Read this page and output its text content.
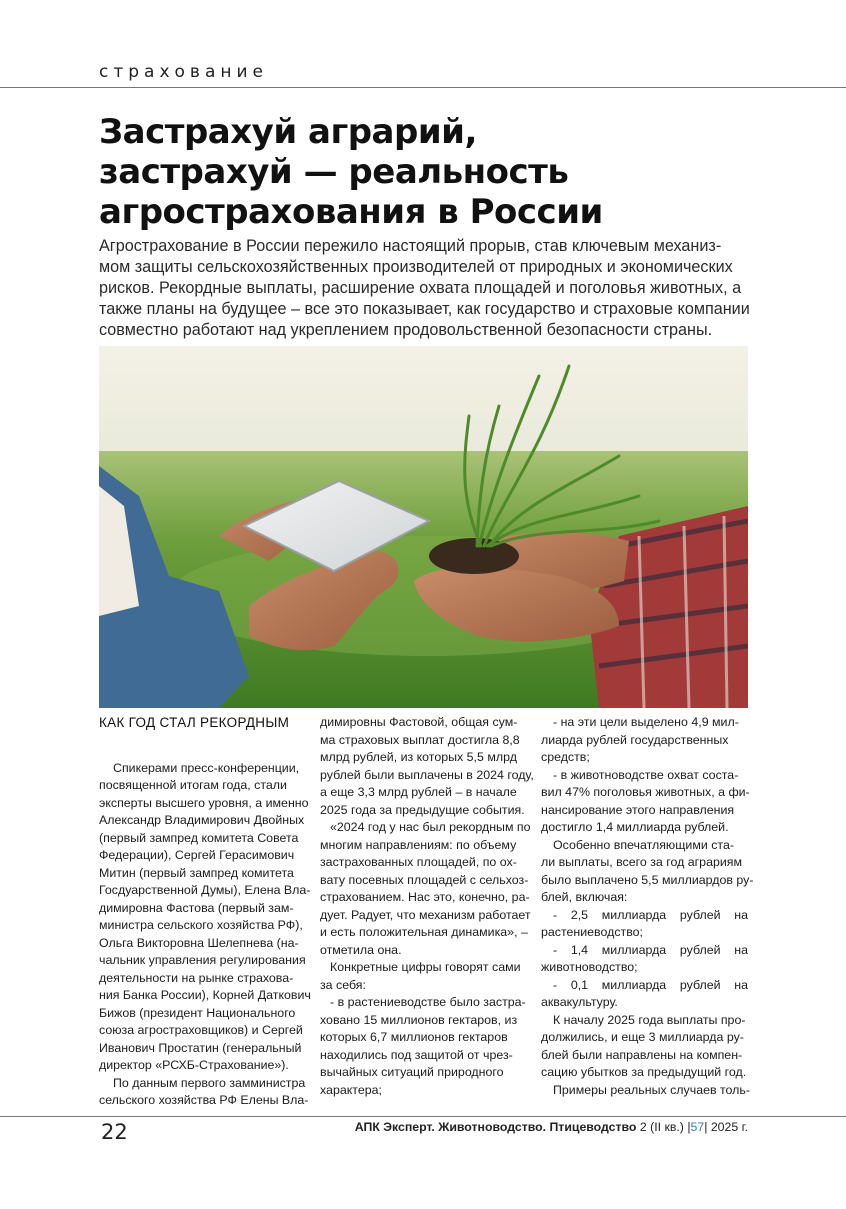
страхование
Застрахуй аграрий,
застрахуй — реальность
агрострахования в России
Агрострахование в России пережило настоящий прорыв, став ключевым механиз-
мом защиты сельскохозяйственных производителей от природных и экономических
рисков. Рекордные выплаты, расширение охвата площадей и поголовья животных, а
также планы на будущее – все это показывает, как государство и страховые компании
совместно работают над укреплением продовольственной безопасности страны.
КАК ГОД СТАЛ РЕКОРДНЫМ
Спикерами пресс-конференции,
посвященной итогам года, стали
эксперты высшего уровня, а именно
Александр Владимирович Двойных
(первый зампред комитета Совета
Федерации), Сергей Герасимович
Митин (первый зампред комитета
Госдуарственной Думы), Елена Вла-
димировна Фастова (первый зам-
министра сельского хозяйства РФ),
Ольга Викторовна Шелепнева (на-
чальник управления регулирования
деятельности на рынке страхова-
ния Банка России), Корней Даткович
Бижов (президент Национального
союза агростраховщиков) и Сергей
Иванович Простатин (генеральный
директор «РСХБ-Страхование»).
По данным первого замминистра
сельского хозяйства РФ Елены Вла-
димировны Фастовой, общая сум-
ма страховых выплат достигла 8,8
млрд рублей, из которых 5,5 млрд
рублей были выплачены в 2024 году,
а еще 3,3 млрд рублей – в начале
2025 года за предыдущие события.
«2024 год у нас был рекордным по
многим направлениям: по объему
застрахованных площадей, по ох-
вату посевных площадей с сельхоз-
страхованием. Нас это, конечно, ра-
дует. Радует, что механизм работает
и есть положительная динамика», –
отметила она.
Конкретные цифры говорят сами
за себя:
- в растениеводстве было застра-
ховано 15 миллионов гектаров, из
которых 6,7 миллионов гектаров
находились под защитой от чрез-
вычайных ситуаций природного
характера;
- на эти цели выделено 4,9 мил-
лиарда рублей государственных
средств;
- в животноводстве охват соста-
вил 47% поголовья животных, а фи-
нансирование этого направления
достигло 1,4 миллиарда рублей.
Особенно впечатляющими ста-
ли выплаты, всего за год аграриям
было выплачено 5,5 миллиардов ру-
блей, включая:
- 2,5 миллиарда рублей на
растениеводство;
- 1,4 миллиарда рублей на
животноводство;
- 0,1 миллиарда рублей на
аквакультуру.
К началу 2025 года выплаты про-
должились, и еще 3 миллиарда ру-
блей были направлены на компен-
сацию убытков за предыдущий год.
Примеры реальных случаев толь-
22	АПК Эксперт. Животноводство. Птицеводство 2 (II кв.) |57| 2025 г.
